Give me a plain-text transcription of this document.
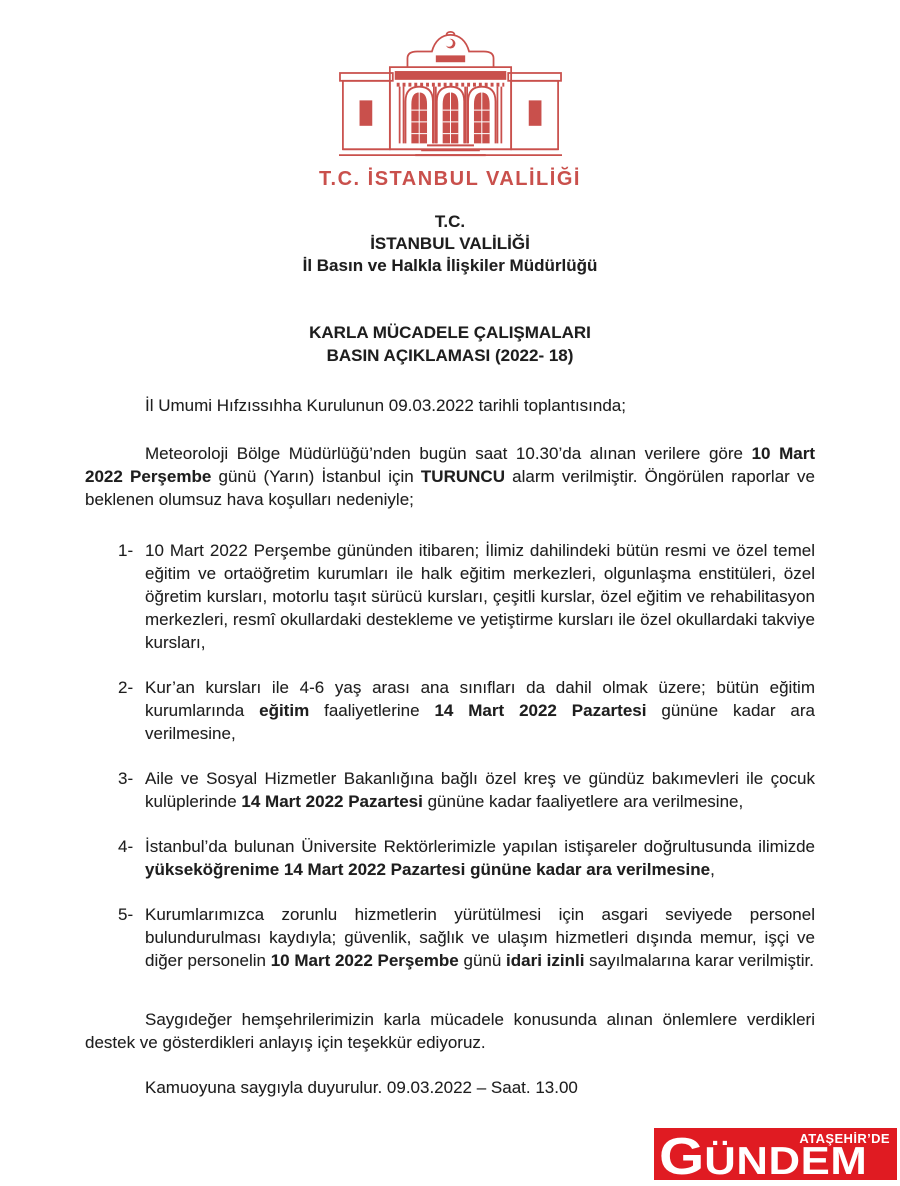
T.C. İSTANBUL VALİLİĞİ
T.C.
İSTANBUL VALİLİĞİ
İl Basın ve Halkla İlişkiler Müdürlüğü
KARLA MÜCADELE ÇALIŞMALARI
BASIN AÇIKLAMASI (2022- 18)

İl Umumi Hıfzıssıhha Kurulunun 09.03.2022 tarihli toplantısında;

Meteoroloji Bölge Müdürlüğü’nden bugün saat 10.30’da alınan verilere göre 10 Mart 2022 Perşembe günü (Yarın) İstanbul için TURUNCU alarm verilmiştir. Öngörülen raporlar ve beklenen olumsuz hava koşulları nedeniyle;

1- 10 Mart 2022 Perşembe gününden itibaren; İlimiz dahilindeki bütün resmi ve özel temel eğitim ve ortaöğretim kurumları ile halk eğitim merkezleri, olgunlaşma enstitüleri, özel öğretim kursları, motorlu taşıt sürücü kursları, çeşitli kurslar, özel eğitim ve rehabilitasyon merkezleri, resmî okullardaki destekleme ve yetiştirme kursları ile özel okullardaki takviye kursları,
2- Kur’an kursları ile 4-6 yaş arası ana sınıfları da dahil olmak üzere; bütün eğitim kurumlarında eğitim faaliyetlerine 14 Mart 2022 Pazartesi gününe kadar ara verilmesine,
3- Aile ve Sosyal Hizmetler Bakanlığına bağlı özel kreş ve gündüz bakımevleri ile çocuk kulüplerinde 14 Mart 2022 Pazartesi gününe kadar faaliyetlere ara verilmesine,
4- İstanbul’da bulunan Üniversite Rektörlerimizle yapılan istişareler doğrultusunda ilimizde yükseköğrenime 14 Mart 2022 Pazartesi gününe kadar ara verilmesine,
5- Kurumlarımızca zorunlu hizmetlerin yürütülmesi için asgari seviyede personel bulundurulması kaydıyla; güvenlik, sağlık ve ulaşım hizmetleri dışında memur, işçi ve diğer personelin 10 Mart 2022 Perşembe günü idari izinli sayılmalarına karar verilmiştir.

Saygıdeğer hemşehrilerimizin karla mücadele konusunda alınan önlemlere verdikleri destek ve gösterdikleri anlayış için teşekkür ediyoruz.

Kamuoyuna saygıyla duyurulur. 09.03.2022 – Saat. 13.00

ATAŞEHİR’DE
GÜNDEM
